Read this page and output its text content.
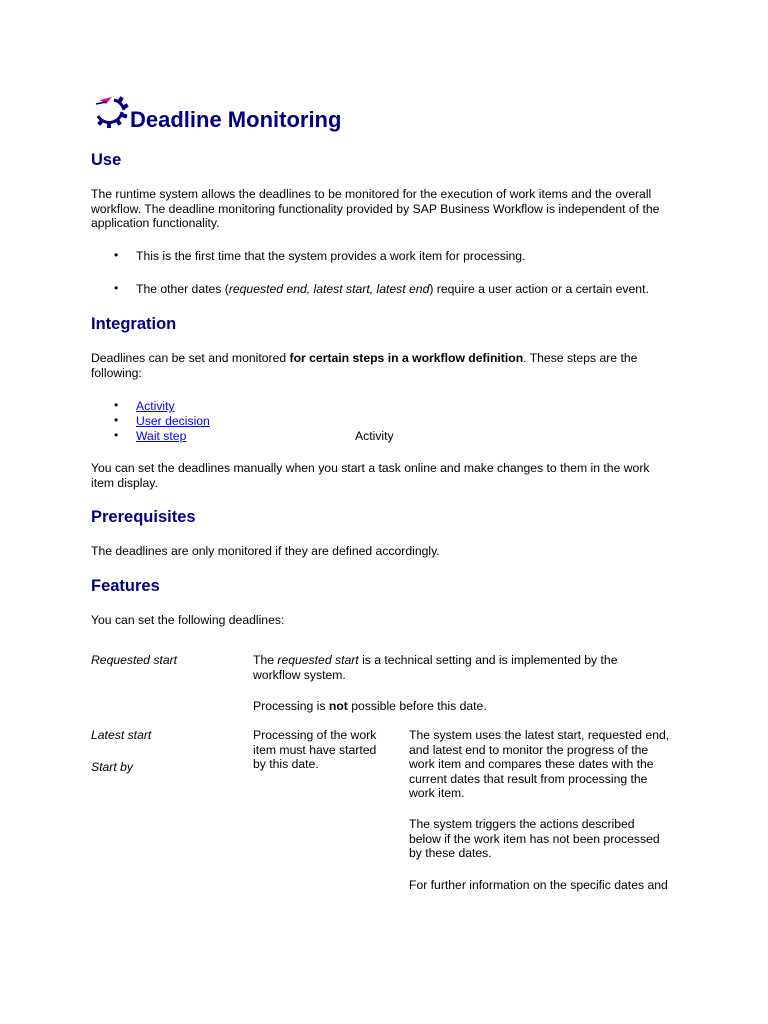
Deadline Monitoring
Use
The runtime system allows the deadlines to be monitored for the execution of work items and the overall
workflow. The deadline monitoring functionality provided by SAP Business Workflow is independent of the
application functionality.
• This is the first time that the system provides a work item for processing.
• The other dates (requested end, latest start, latest end) require a user action or a certain event.
Integration
Deadlines can be set and monitored for certain steps in a workflow definition. These steps are the
following:
• Activity
• User decision
• Wait step	Activity
You can set the deadlines manually when you start a task online and make changes to them in the work
item display.
Prerequisites
The deadlines are only monitored if they are defined accordingly.
Features
You can set the following deadlines:
Requested start	The requested start is a technical setting and is implemented by the
workflow system.
Processing is not possible before this date.
Latest start
Start by
Processing of the work
item must have started
by this date.
The system uses the latest start, requested end,
and latest end to monitor the progress of the
work item and compares these dates with the
current dates that result from processing the
work item.
The system triggers the actions described
below if the work item has not been processed
by these dates.
For further information on the specific dates and
